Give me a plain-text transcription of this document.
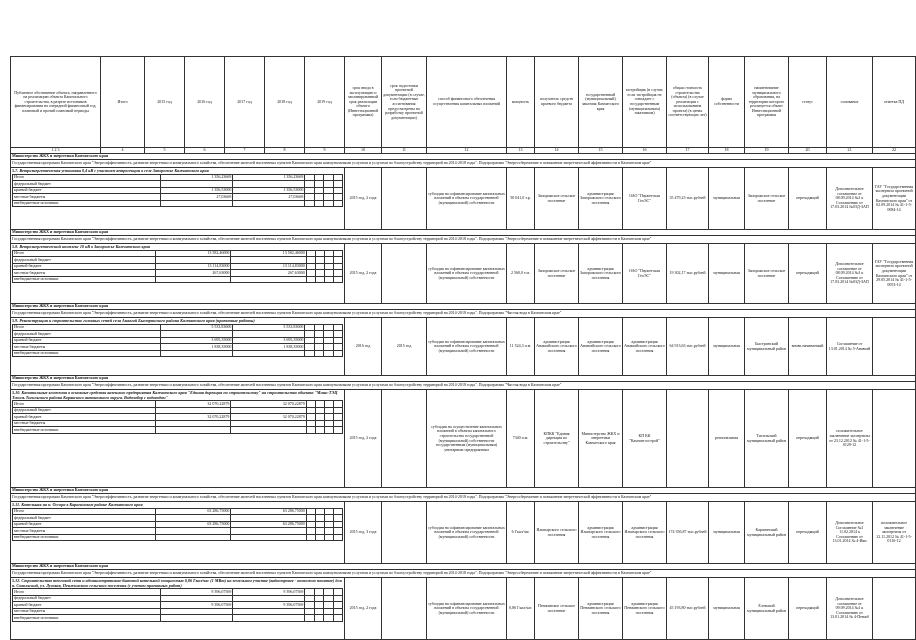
Публичное обозначение объекта, направленного на реализацию объекта Капитального строительства, в разрезе источников финансирования на очередной финансовый год, плановый и прочий плановый периоды	Итого	2015 год	2016 год	2017 год	2018 год	2019 год	срок ввода в эксплуатацию и запланированный срок реализации объекта (Инвестиционной программы)	срок подготовки проектной документации (в случае, если бюджетные ассигнования предусмотрены на разработку проектной документации)	способ финансового обеспечения осуществления капитальных вложений	мощность	получатель средств краевого бюджета	государственный (муниципальный) заказчик Камчатского края	застройщик (в случае, если застройщик не совпадает с государственным (муниципальным) заказчиком)	общая стоимость строительства (объекта) (в случае реализации с использованием проекта) (в ценах соответствующих лет)	форма собственности	наименование муниципального образования, на территории которого реализуется объект Инвестиционной программы	статус	основание	отметка ПД
1 2 3	4	5	6	7	8	9	10	11	12	13	14	15	16	17	18	19	20	21	22	
Министерство ЖКХ и энергетики Камчатского края
Государственная программа Камчатского края "Энергоэффективность, развитие энергетики и коммунального хозяйства, обеспечение жителей населенных пунктов Камчатского края коммунальными услугами и услугами по благоустройству территорий на 2014-2018 годы". Подпрограмма "Энергосбережение и повышение энергетической эффективности в Камчатском крае"

5.7. Ветроэнергетическая установка 0,4 кВ с участием ветросекции в селе Запорожье Камчатского края
Итого	1 356,23669	1 356,23669				
федеральный бюджет						
краевой бюджет	1 356,53000	1 356,53000				
местные бюджеты	27,03669	27,03669				
внебюджетные источники						
	2015 год, 2 года		субсидия на софинансирование капитальных вложений в объекты государственной (муниципальной) собственности	50 041,0 т.р.	Запорожское сельское поселение	администрация Запорожского сельского поселения	ОАО "Паужетская ГеоЭС"	35 479,23 тыс.рублей	муниципальная	Запорожское сельское поселение	переходящий	Дополнительное соглашение от 08.09.2014 №1 к Соглашению от 17.03.2014 №03Д-ЗАП	ГАУ "Государственная экспертиза проектной документации Камчатского края" от 02.09.2014 № 41-1-5-0084-14
Министерство ЖКХ и энергетики Камчатского края
Государственная программа Камчатского края "Энергоэффективность, развитие энергетики и коммунального хозяйства, обеспечение жителей населенных пунктов Камчатского края коммунальными услугами и услугами по благоустройству территорий на 2014-2018 годы". Подпрограмма "Энергосбережение и повышение энергетической эффективности в Камчатском крае"

5.8. Ветроэнергетический комплекс 10 кВ в Запорожье Камчатского края
Итого	13 582,46000	13 582,46000				
федеральный бюджет						
краевой бюджет	13 114,83000	13 114,83000				
местные бюджеты	267,63000	267,63000				
внебюджетные источники						
	2015 год, 2 года		субсидия на софинансирование капитальных вложений в объекты государственной (муниципальной) собственности	2 560,0 т.м.	Запорожское сельское поселение	администрация Запорожского сельского поселения	ОАО "Паужетская ГеоЭС"	19 302,17 тыс.рублей	муниципальная	Запорожское сельское поселение	переходящий	Дополнительное соглашение от 08.09.2014 №1 к Соглашению от 17.03.2014 №03Д-ЗАП	ГАУ "Государственная экспертиза проектной документации Камчатского края" от 29.05.2014 № 41-1-5-0053-14
Министерство ЖКХ и энергетики Камчатского края
Государственная программа Камчатского края "Энергоэффективность, развитие энергетики и коммунального хозяйства, обеспечение жителей населенных пунктов Камчатского края коммунальными услугами и услугами по благоустройству территорий на 2014-2018 годы". Подпрограмма "Чистая вода в Камчатском крае"

5.9. Реконструкция и строительство головных сетей села Анавгай Быстринского района Камчатского края (проектные работы)
Итого	5 533,83000	5 533,83000				
федеральный бюджет						
краевой бюджет	3 695,35000	3 695,35000				
местные бюджеты	1 838,35000	1 838,35000				
внебюджетные источники						
	2016 год	2015 год	субсидия на софинансирование капитальных вложений в объекты государственной (муниципальной) собственности	11 524,3 п.м.	администрация Анавгайского сельского поселения	администрация Анавгайского сельского поселения	администрация Анавгайского сельского поселения	64 913,63 тыс.рублей	муниципальная	Быстринский муниципальный район	вновь начинаемый	Соглашение от 13.01.2014 № 5-Анавгай	
Министерство ЖКХ и энергетики Камчатского края
Государственная программа Камчатского края "Энергоэффективность, развитие энергетики и коммунального хозяйства, обеспечение жителей населенных пунктов Камчатского края коммунальными услугами и услугами по благоустройству территорий на 2014-2018 годы". Подпрограмма "Чистая вода в Камчатском крае"

5.10. Капитальные вложения в основные средства казенного предприятия Камчатского края "Единая дирекция по строительству" на строительство объекта "Мини-ТЭЦ Тигиль Тигильского района Корякского автономного округа. Водозабор с водоводом"
Итого	32 070,22879	32 070,22879				
федеральный бюджет						
краевой бюджет	32 070,22879	32 070,22879				
местные бюджеты						
внебюджетные источники						
	2015 год, 2 года		субсидия на осуществление капитальных вложений в объекты капитального строительства государственной (муниципальной) собственности государственным (муниципальным) унитарным предприятиям	7340 п.м.	КПКК "Единая дирекция по строительству"	Министерство ЖКХ и энергетики Камчатского края	КП КК "Камчатгэсстрой"		региональная	Тигильский муниципальный район	переходящий	положительное заключение экспертизы от 23.12.2012 № 41-1-5-0129-12	
Министерство ЖКХ и энергетики Камчатского края
Государственная программа Камчатского края "Энергоэффективность, развитие энергетики и коммунального хозяйства, обеспечение жителей населенных пунктов Камчатского края коммунальными услугами и услугами по благоустройству территорий на 2014-2018 годы". Подпрограмма "Энергосбережение и повышение энергетической эффективности в Камчатском крае"

5.11. Котельная на п. Оссора в Карагинском районе Камчатского края
Итого	63 286,75000	63 286,75000				
федеральный бюджет						
краевой бюджет	63 286,75000	63 286,75000				
местные бюджеты						
внебюджетные источники						
	2015 год, 3 года		субсидия на софинансирование капитальных вложений в объекты государственной (муниципальной) собственности	6 Гкал/час	Ильпырского сельского поселения	администрация Ильпырского сельского поселения	администрация Ильпырского сельского поселения	174 356,87 тыс.рублей	муниципальная	Карагинский муниципальный район	переходящий	Дополнительное Соглашение №1 11.02.2014 к Соглашению от 13.01.2014 № 4-Ики	положительное заключение экспертизы от 12.11.2012 № 41-1-5-0116-12
Министерство ЖКХ и энергетики Камчатского края
Государственная программа Камчатского края "Энергоэффективность, развитие энергетики и коммунального хозяйства, обеспечение жителей населенных пунктов Камчатского края коммунальными услугами и услугами по благоустройству территорий на 2014-2018 годы". Подпрограмма "Энергосбережение и повышение энергетической эффективности в Камчатском крае"

5.12. Строительство тепловой сети и административно-бытовой котельной мощностью 0,86 Гкал/час (1 МВт) на земельном участке (кадастровое - возможно понятое) для п. Сокольский, ул. Луговая, Пенжинского сельского поселения (с учетом проектных работ)
Итого	9 396,07569	9 396,07569				
федеральный бюджет						
краевой бюджет	9 396,07569	9 396,07569				
местные бюджеты						
внебюджетные источники						
	2015 год, 2 года		субсидия на софинансирование капитальных вложений в объекты государственной (муниципальной) собственности	0,86 Гкал/час	Пенжинское сельское поселение	администрация Пенжинского сельского поселения	администрация Пенжинского сельского поселения	45 193,80 тыс.рублей	муниципальная	Еловский муниципальный район	переходящий	Дополнительное соглашение от 09.09.2014 №1 к Соглашению от 13.01.2014 № 4-Пенжб	
